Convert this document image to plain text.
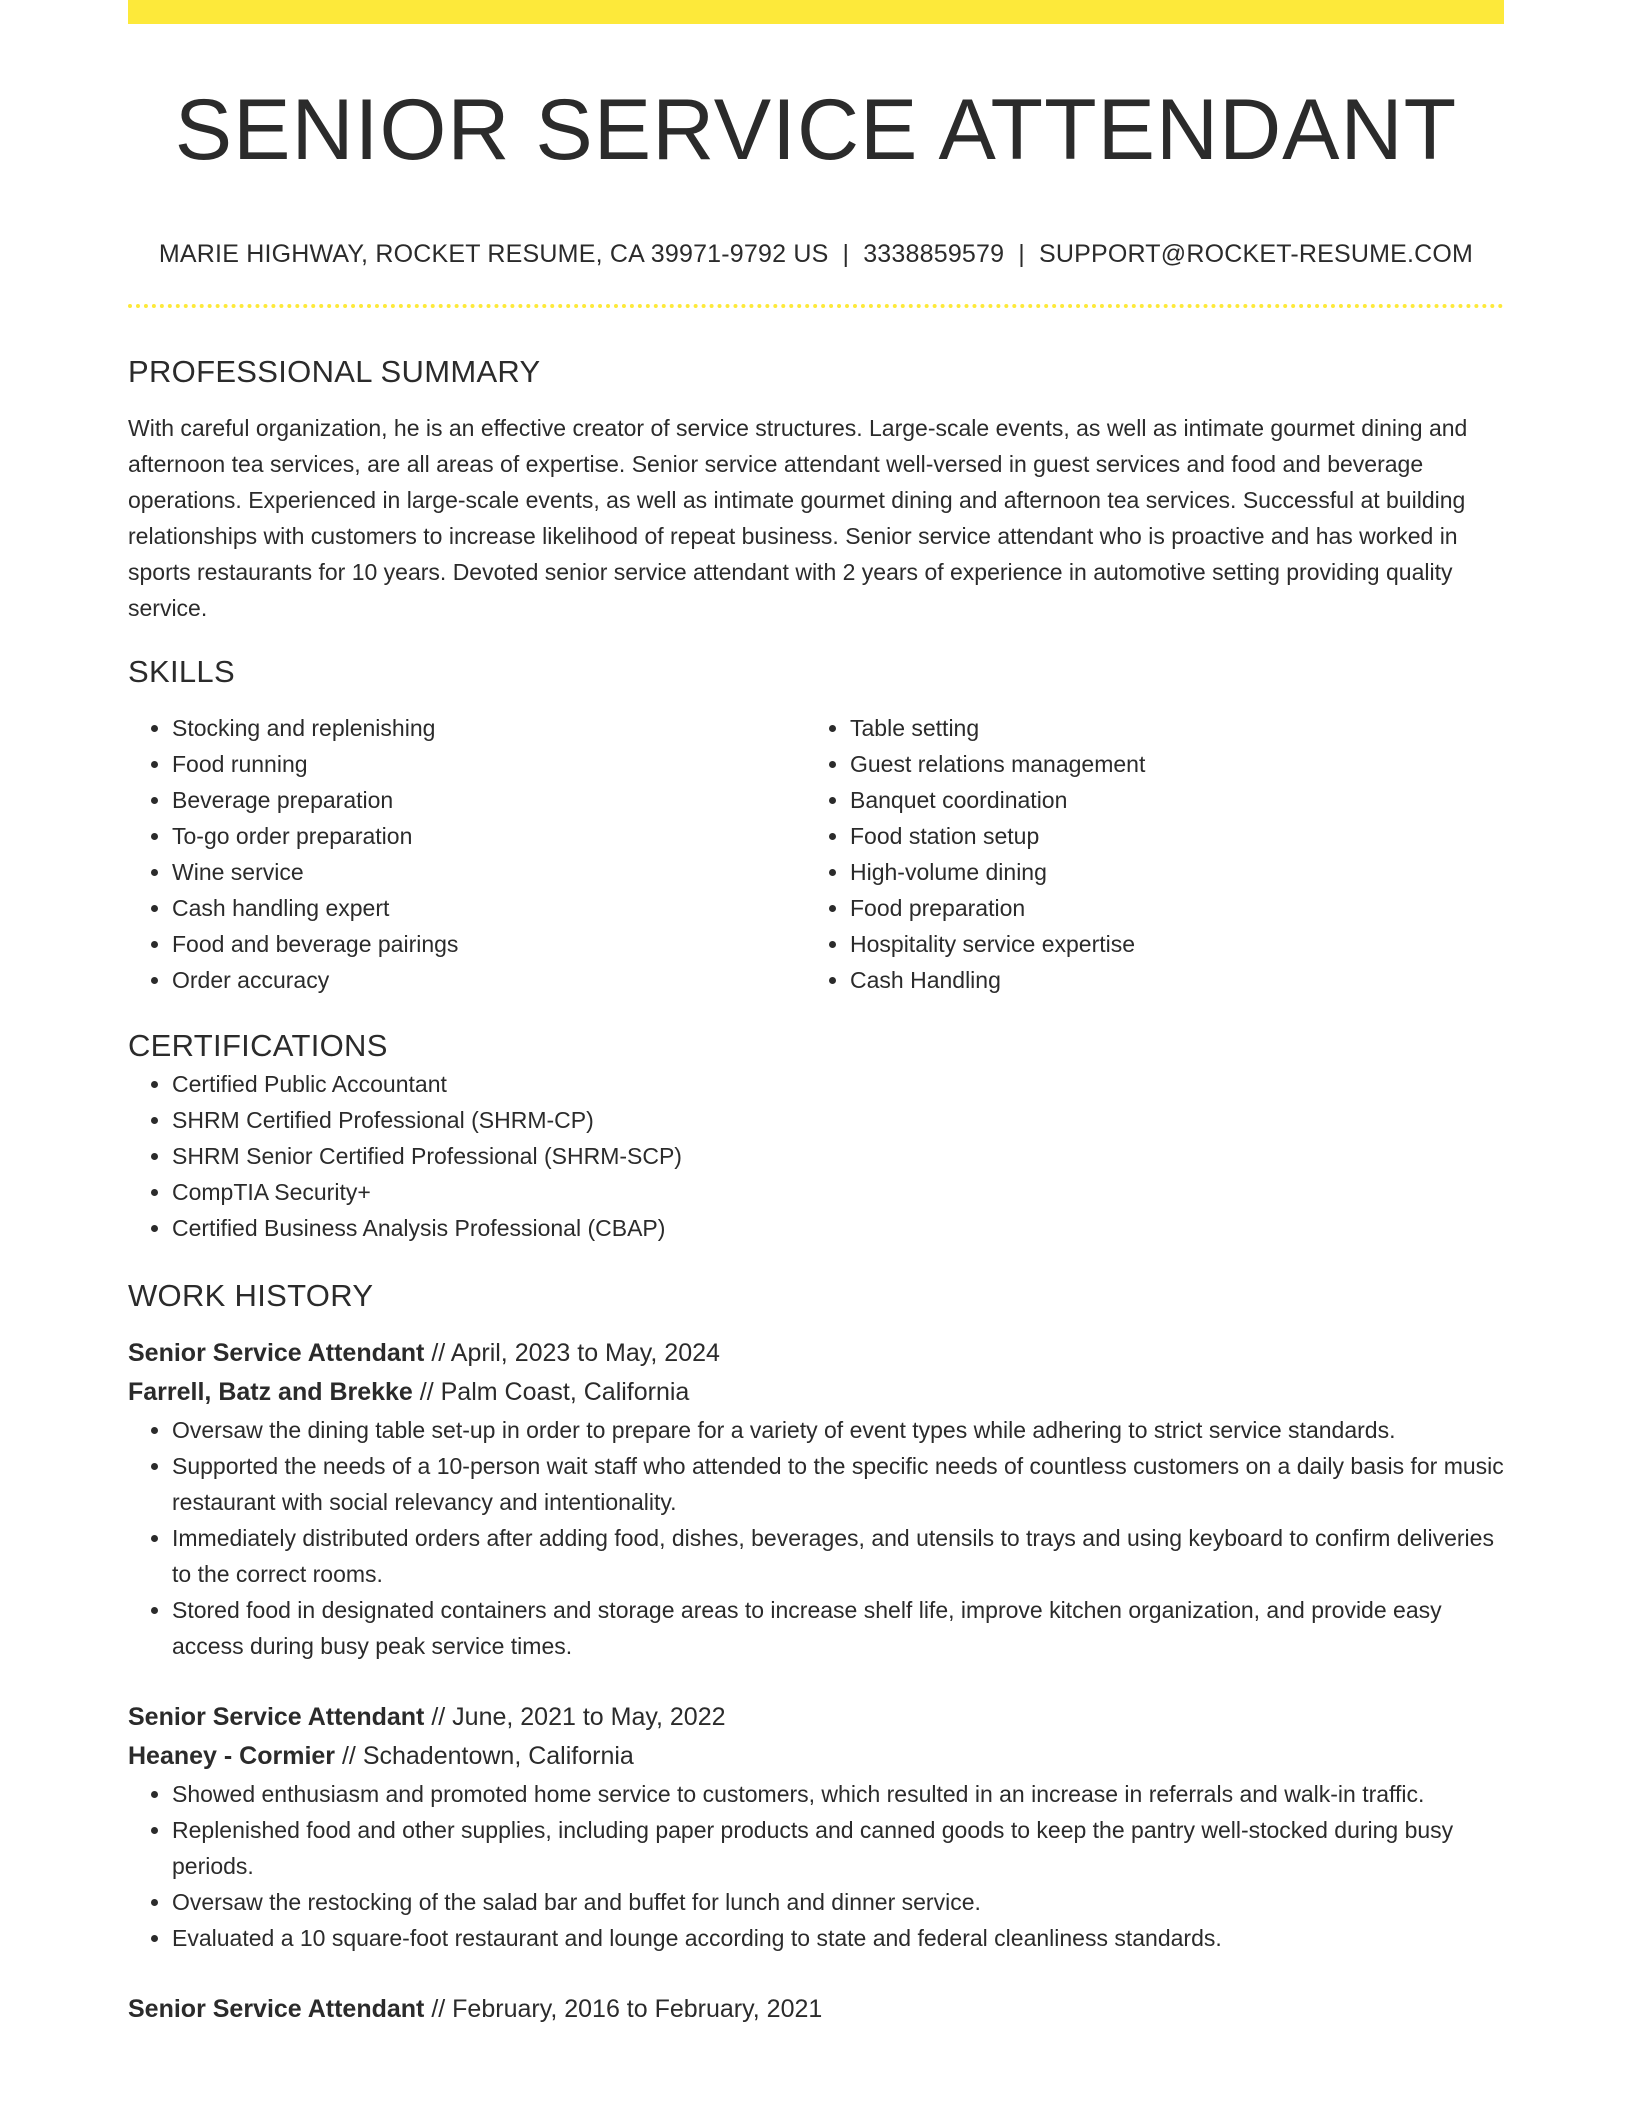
SENIOR SERVICE ATTENDANT
MARIE HIGHWAY, ROCKET RESUME, CA 39971-9792 US | 3338859579 | SUPPORT@ROCKET-RESUME.COM
PROFESSIONAL SUMMARY

With careful organization, he is an effective creator of service structures. Large-scale events, as well as intimate gourmet dining and afternoon tea services, are all areas of expertise. Senior service attendant well-versed in guest services and food and beverage operations. Experienced in large-scale events, as well as intimate gourmet dining and afternoon tea services. Successful at building relationships with customers to increase likelihood of repeat business. Senior service attendant who is proactive and has worked in sports restaurants for 10 years. Devoted senior service attendant with 2 years of experience in automotive setting providing quality service.

SKILLS
• Stocking and replenishing
• Food running
• Beverage preparation
• To-go order preparation
• Wine service
• Cash handling expert
• Food and beverage pairings
• Order accuracy
• Table setting
• Guest relations management
• Banquet coordination
• Food station setup
• High-volume dining
• Food preparation
• Hospitality service expertise
• Cash Handling
CERTIFICATIONS
• Certified Public Accountant
• SHRM Certified Professional (SHRM-CP)
• SHRM Senior Certified Professional (SHRM-SCP)
• CompTIA Security+
• Certified Business Analysis Professional (CBAP)
WORK HISTORY
Senior Service Attendant // April, 2023 to May, 2024
Farrell, Batz and Brekke // Palm Coast, California
• Oversaw the dining table set-up in order to prepare for a variety of event types while adhering to strict service standards.
• Supported the needs of a 10-person wait staff who attended to the specific needs of countless customers on a daily basis for music restaurant with social relevancy and intentionality.
• Immediately distributed orders after adding food, dishes, beverages, and utensils to trays and using keyboard to confirm deliveries to the correct rooms.
• Stored food in designated containers and storage areas to increase shelf life, improve kitchen organization, and provide easy access during busy peak service times.
Senior Service Attendant // June, 2021 to May, 2022
Heaney - Cormier // Schadentown, California
• Showed enthusiasm and promoted home service to customers, which resulted in an increase in referrals and walk-in traffic.
• Replenished food and other supplies, including paper products and canned goods to keep the pantry well-stocked during busy periods.
• Oversaw the restocking of the salad bar and buffet for lunch and dinner service.
• Evaluated a 10 square-foot restaurant and lounge according to state and federal cleanliness standards.
Senior Service Attendant // February, 2016 to February, 2021
